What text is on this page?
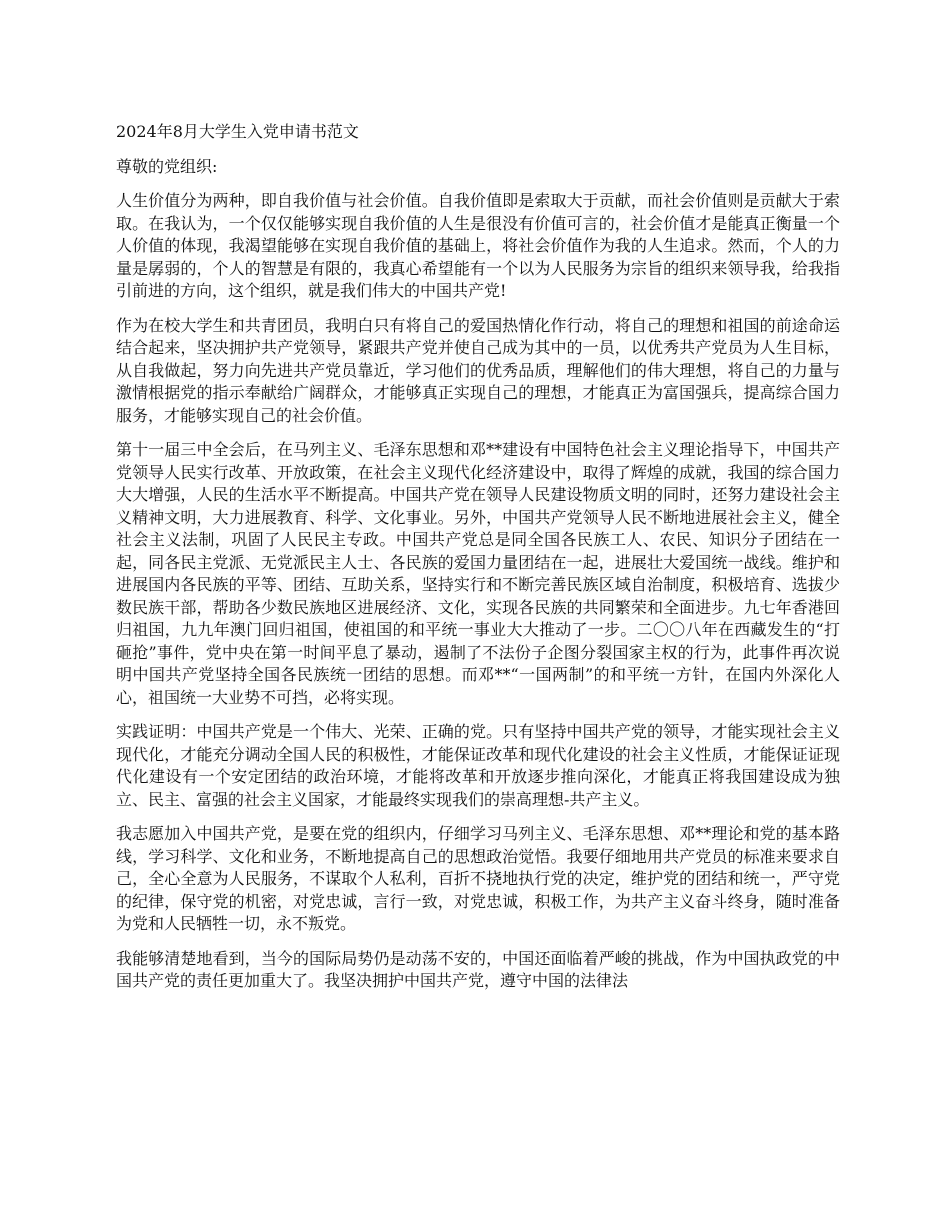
2024年8月大学生入党申请书范文

尊敬的党组织:

人生价值分为两种，即自我价值与社会价值。自我价值即是索取大于贡献，而社会价值则是贡献大于索取。在我认为，一个仅仅能够实现自我价值的人生是很没有价值可言的，社会价值才是能真正衡量一个人价值的体现，我渴望能够在实现自我价值的基础上，将社会价值作为我的人生追求。然而，个人的力量是孱弱的，个人的智慧是有限的，我真心希望能有一个以为人民服务为宗旨的组织来领导我，给我指引前进的方向，这个组织，就是我们伟大的中国共产党!

作为在校大学生和共青团员，我明白只有将自己的爱国热情化作行动，将自己的理想和祖国的前途命运结合起来，坚决拥护共产党领导，紧跟共产党并使自己成为其中的一员，以优秀共产党员为人生目标，从自我做起，努力向先进共产党员靠近，学习他们的优秀品质，理解他们的伟大理想，将自己的力量与激情根据党的指示奉献给广阔群众，才能够真正实现自己的理想，才能真正为富国强兵，提高综合国力服务，才能够实现自己的社会价值。

第十一届三中全会后，在马列主义、毛泽东思想和邓**建设有中国特色社会主义理论指导下，中国共产党领导人民实行改革、开放政策，在社会主义现代化经济建设中，取得了辉煌的成就，我国的综合国力大大增强，人民的生活水平不断提高。中国共产党在领导人民建设物质文明的同时，还努力建设社会主义精神文明，大力进展教育、科学、文化事业。另外，中国共产党领导人民不断地进展社会主义，健全社会主义法制，巩固了人民民主专政。中国共产党总是同全国各民族工人、农民、知识分子团结在一起，同各民主党派、无党派民主人士、各民族的爱国力量团结在一起，进展壮大爱国统一战线。维护和进展国内各民族的平等、团结、互助关系，坚持实行和不断完善民族区域自治制度，积极培育、选拔少数民族干部，帮助各少数民族地区进展经济、文化，实现各民族的共同繁荣和全面进步。九七年香港回归祖国，九九年澳门回归祖国，使祖国的和平统一事业大大推动了一步。二〇〇八年在西藏发生的“打砸抢”事件，党中央在第一时间平息了暴动，遏制了不法份子企图分裂国家主权的行为，此事件再次说明中国共产党坚持全国各民族统一团结的思想。而邓**“一国两制”的和平统一方针，在国内外深化人心，祖国统一大业势不可挡，必将实现。

实践证明：中国共产党是一个伟大、光荣、正确的党。只有坚持中国共产党的领导，才能实现社会主义现代化，才能充分调动全国人民的积极性，才能保证改革和现代化建设的社会主义性质，才能保证证现代化建设有一个安定团结的政治环境，才能将改革和开放逐步推向深化，才能真正将我国建设成为独立、民主、富强的社会主义国家，才能最终实现我们的崇高理想-共产主义。

我志愿加入中国共产党，是要在党的组织内，仔细学习马列主义、毛泽东思想、邓**理论和党的基本路线，学习科学、文化和业务，不断地提高自己的思想政治觉悟。我要仔细地用共产党员的标准来要求自己，全心全意为人民服务，不谋取个人私利，百折不挠地执行党的决定，维护党的团结和统一，严守党的纪律，保守党的机密，对党忠诚，言行一致，对党忠诚，积极工作，为共产主义奋斗终身，随时准备为党和人民牺牲一切，永不叛党。

我能够清楚地看到，当今的国际局势仍是动荡不安的，中国还面临着严峻的挑战，作为中国执政党的中国共产党的责任更加重大了。我坚决拥护中国共产党，遵守中国的法律法
